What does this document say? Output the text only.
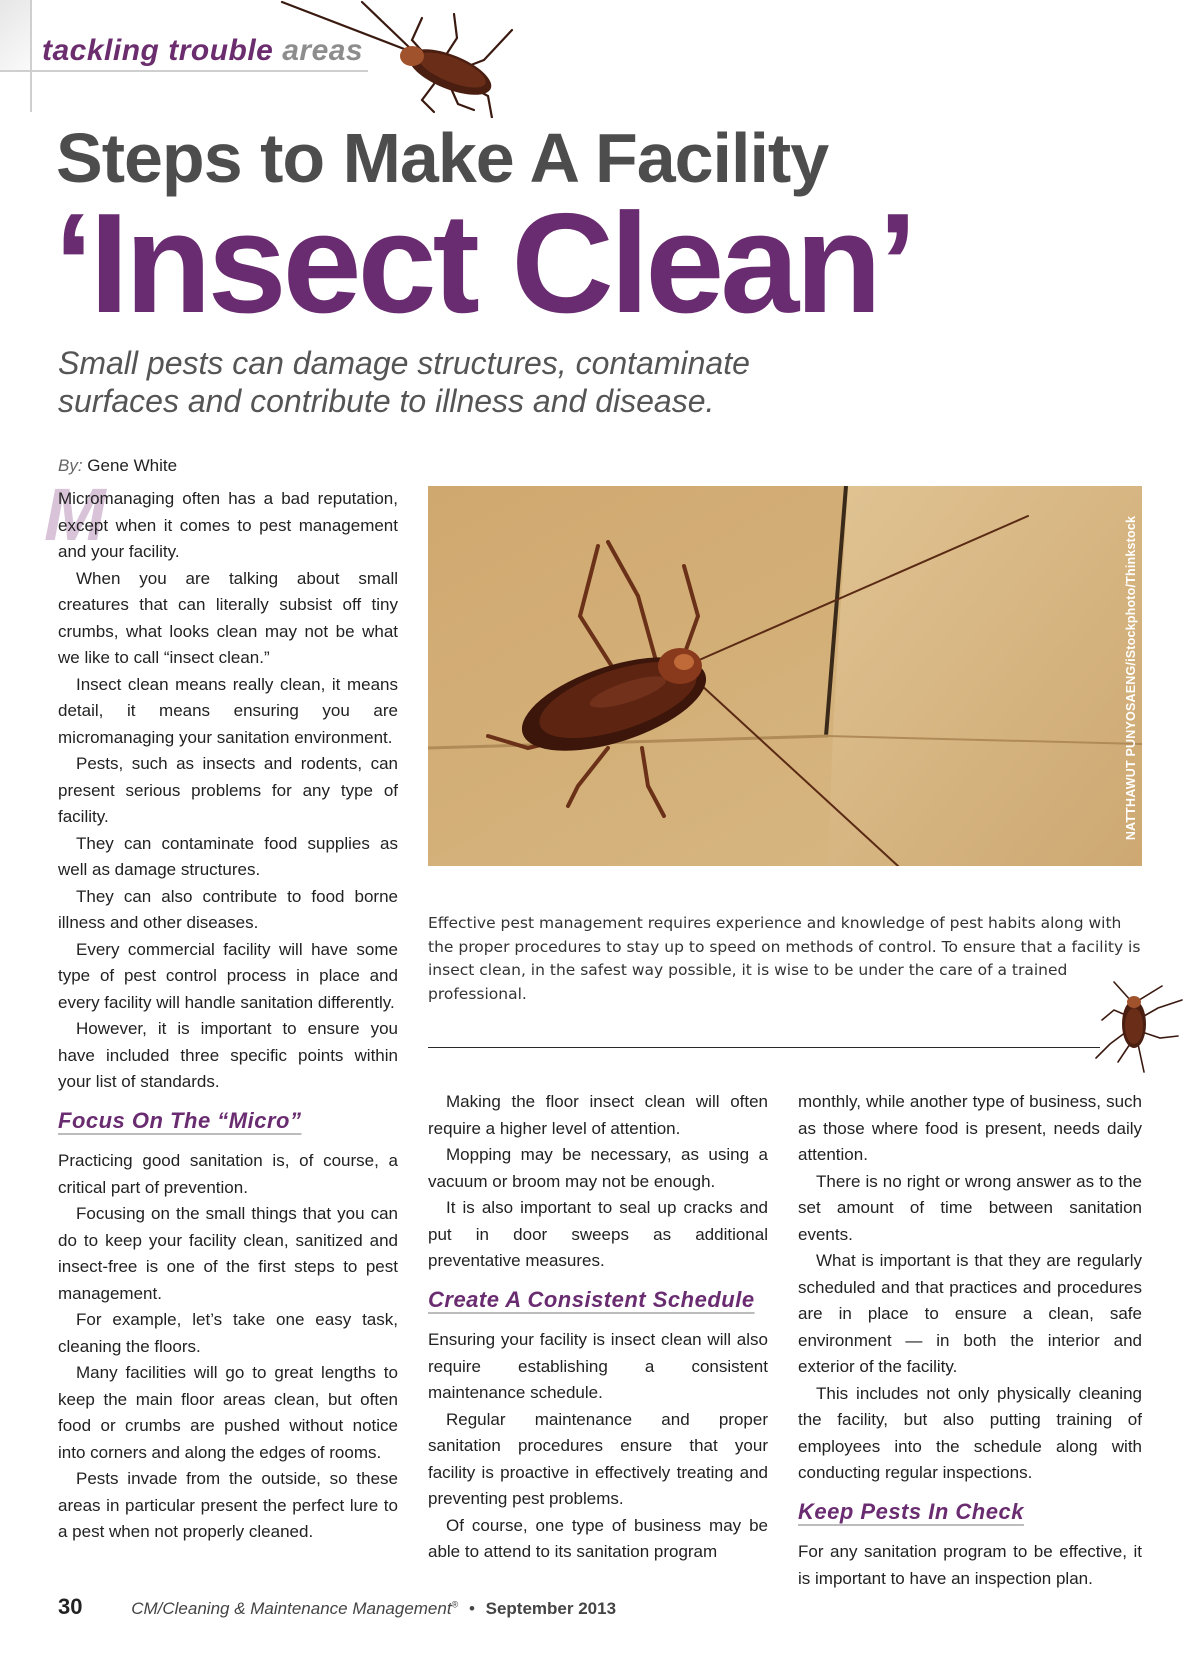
tackling trouble areas
Steps to Make A Facility
‘Insect Clean’
Small pests can damage structures, contaminate surfaces and contribute to illness and disease.
By: Gene White
M

Micromanaging often has a bad reputation, except when it comes to pest management and your facility.

When you are talking about small creatures that can literally subsist off tiny crumbs, what looks clean may not be what we like to call “insect clean.”

Insect clean means really clean, it means detail, it means ensuring you are micromanaging your sanitation environment.

Pests, such as insects and rodents, can present serious problems for any type of facility.

They can contaminate food supplies as well as damage structures.

They can also contribute to food borne illness and other diseases.

Every commercial facility will have some type of pest control process in place and every facility will handle sanitation differently.

However, it is important to ensure you have included three specific points within your list of standards.

Focus On The “Micro”

Practicing good sanitation is, of course, a critical part of prevention.

Focusing on the small things that you can do to keep your facility clean, sanitized and insect-free is one of the first steps to pest management.

For example, let’s take one easy task, cleaning the floors.

Many facilities will go to great lengths to keep the main floor areas clean, but often food or crumbs are pushed without notice into corners and along the edges of rooms.

Pests invade from the outside, so these areas in particular present the perfect lure to a pest when not properly cleaned.

NATTHAWUT PUNYOSAENG/iStockphoto/Thinkstock
Effective pest management requires experience and knowledge of pest habits along with the proper procedures to stay up to speed on methods of control. To ensure that a facility is insect clean, in the safest way possible, it is wise to be under the care of a trained professional.

Making the floor insect clean will often require a higher level of attention.

Mopping may be necessary, as using a vacuum or broom may not be enough.

It is also important to seal up cracks and put in door sweeps as additional preventative measures.

Create A Consistent Schedule

Ensuring your facility is insect clean will also require establishing a consistent maintenance schedule.

Regular maintenance and proper sanitation procedures ensure that your facility is proactive in effectively treating and preventing pest problems.

Of course, one type of business may be able to attend to its sanitation program

monthly, while another type of business, such as those where food is present, needs daily attention.

There is no right or wrong answer as to the set amount of time between sanitation events.

What is important is that they are regularly scheduled and that practices and procedures are in place to ensure a clean, safe environment — in both the interior and exterior of the facility.

This includes not only physically cleaning the facility, but also putting training of employees into the schedule along with conducting regular inspections.

Keep Pests In Check

For any sanitation program to be effective, it is important to have an inspection plan.

30	CM/Cleaning & Maintenance Management® • September 2013
